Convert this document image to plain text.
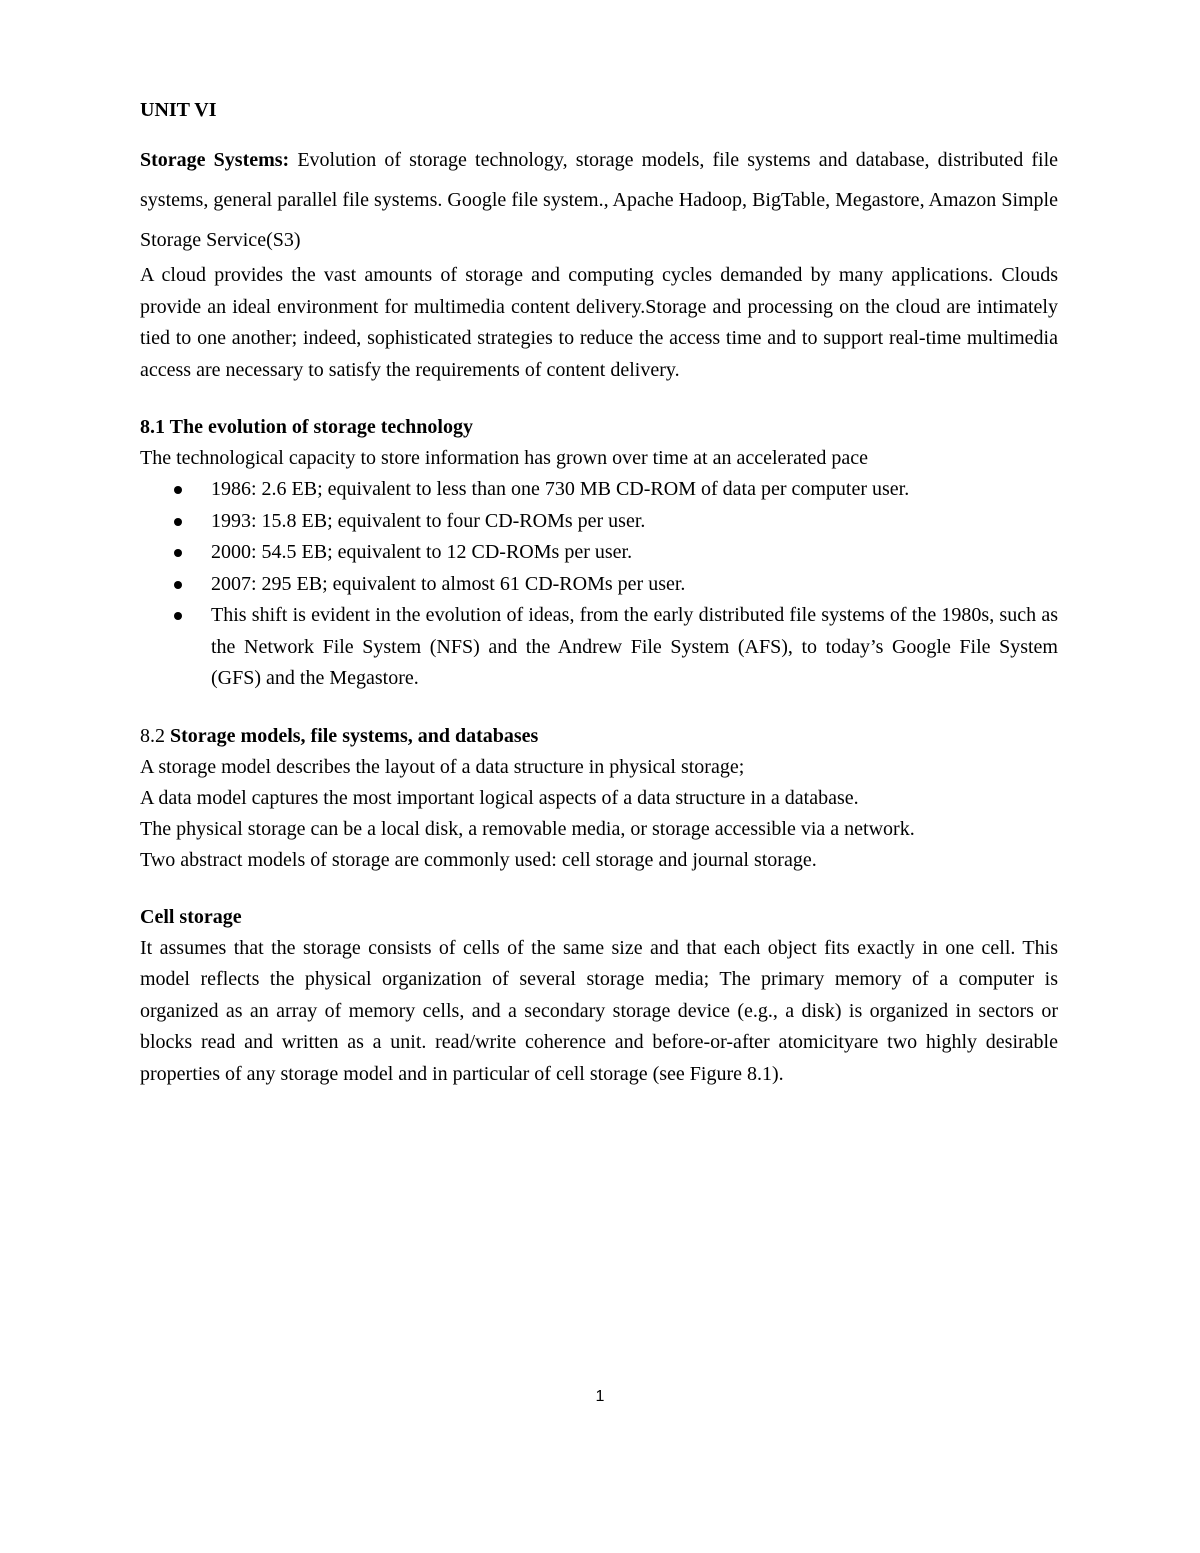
UNIT VI

Storage Systems: Evolution of storage technology, storage models, file systems and database, distributed file systems, general parallel file systems. Google file system., Apache Hadoop, BigTable, Megastore, Amazon Simple Storage Service(S3)

A cloud provides the vast amounts of storage and computing cycles demanded by many applications. Clouds provide an ideal environment for multimedia content delivery.Storage and processing on the cloud are intimately tied to one another; indeed, sophisticated strategies to reduce the access time and to support real-time multimedia access are necessary to satisfy the requirements of content delivery.

8.1 The evolution of storage technology

The technological capacity to store information has grown over time at an accelerated pace

1986: 2.6 EB; equivalent to less than one 730 MB CD-ROM of data per computer user.
1993: 15.8 EB; equivalent to four CD-ROMs per user.
2000: 54.5 EB; equivalent to 12 CD-ROMs per user.
2007: 295 EB; equivalent to almost 61 CD-ROMs per user.
This shift is evident in the evolution of ideas, from the early distributed file systems of the 1980s, such as the Network File System (NFS) and the Andrew File System (AFS), to today’s Google File System (GFS) and the Megastore.

8.2 Storage models, file systems, and databases

A storage model describes the layout of a data structure in physical storage;

A data model captures the most important logical aspects of a data structure in a database.

The physical storage can be a local disk, a removable media, or storage accessible via a network.

Two abstract models of storage are commonly used: cell storage and journal storage.

Cell storage

It assumes that the storage consists of cells of the same size and that each object fits exactly in one cell. This model reflects the physical organization of several storage media; The primary memory of a computer is organized as an array of memory cells, and a secondary storage device (e.g., a disk) is organized in sectors or blocks read and written as a unit. read/write coherence and before-or-after atomicityare two highly desirable properties of any storage model and in particular of cell storage (see Figure 8.1).

1
